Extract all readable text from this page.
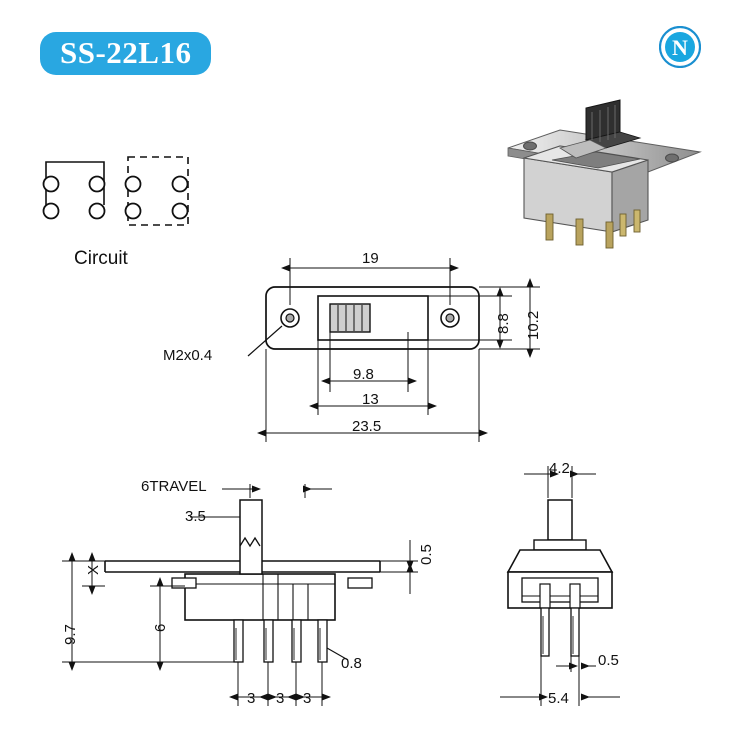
SS-22L16	N
Circuit	19
8.8 10.2
9.8
13
23.5
M2x0.4
6TRAVEL
3.5
0.5
X
9.7	6
0.8
3 3 3
4.2
0.5
5.4
